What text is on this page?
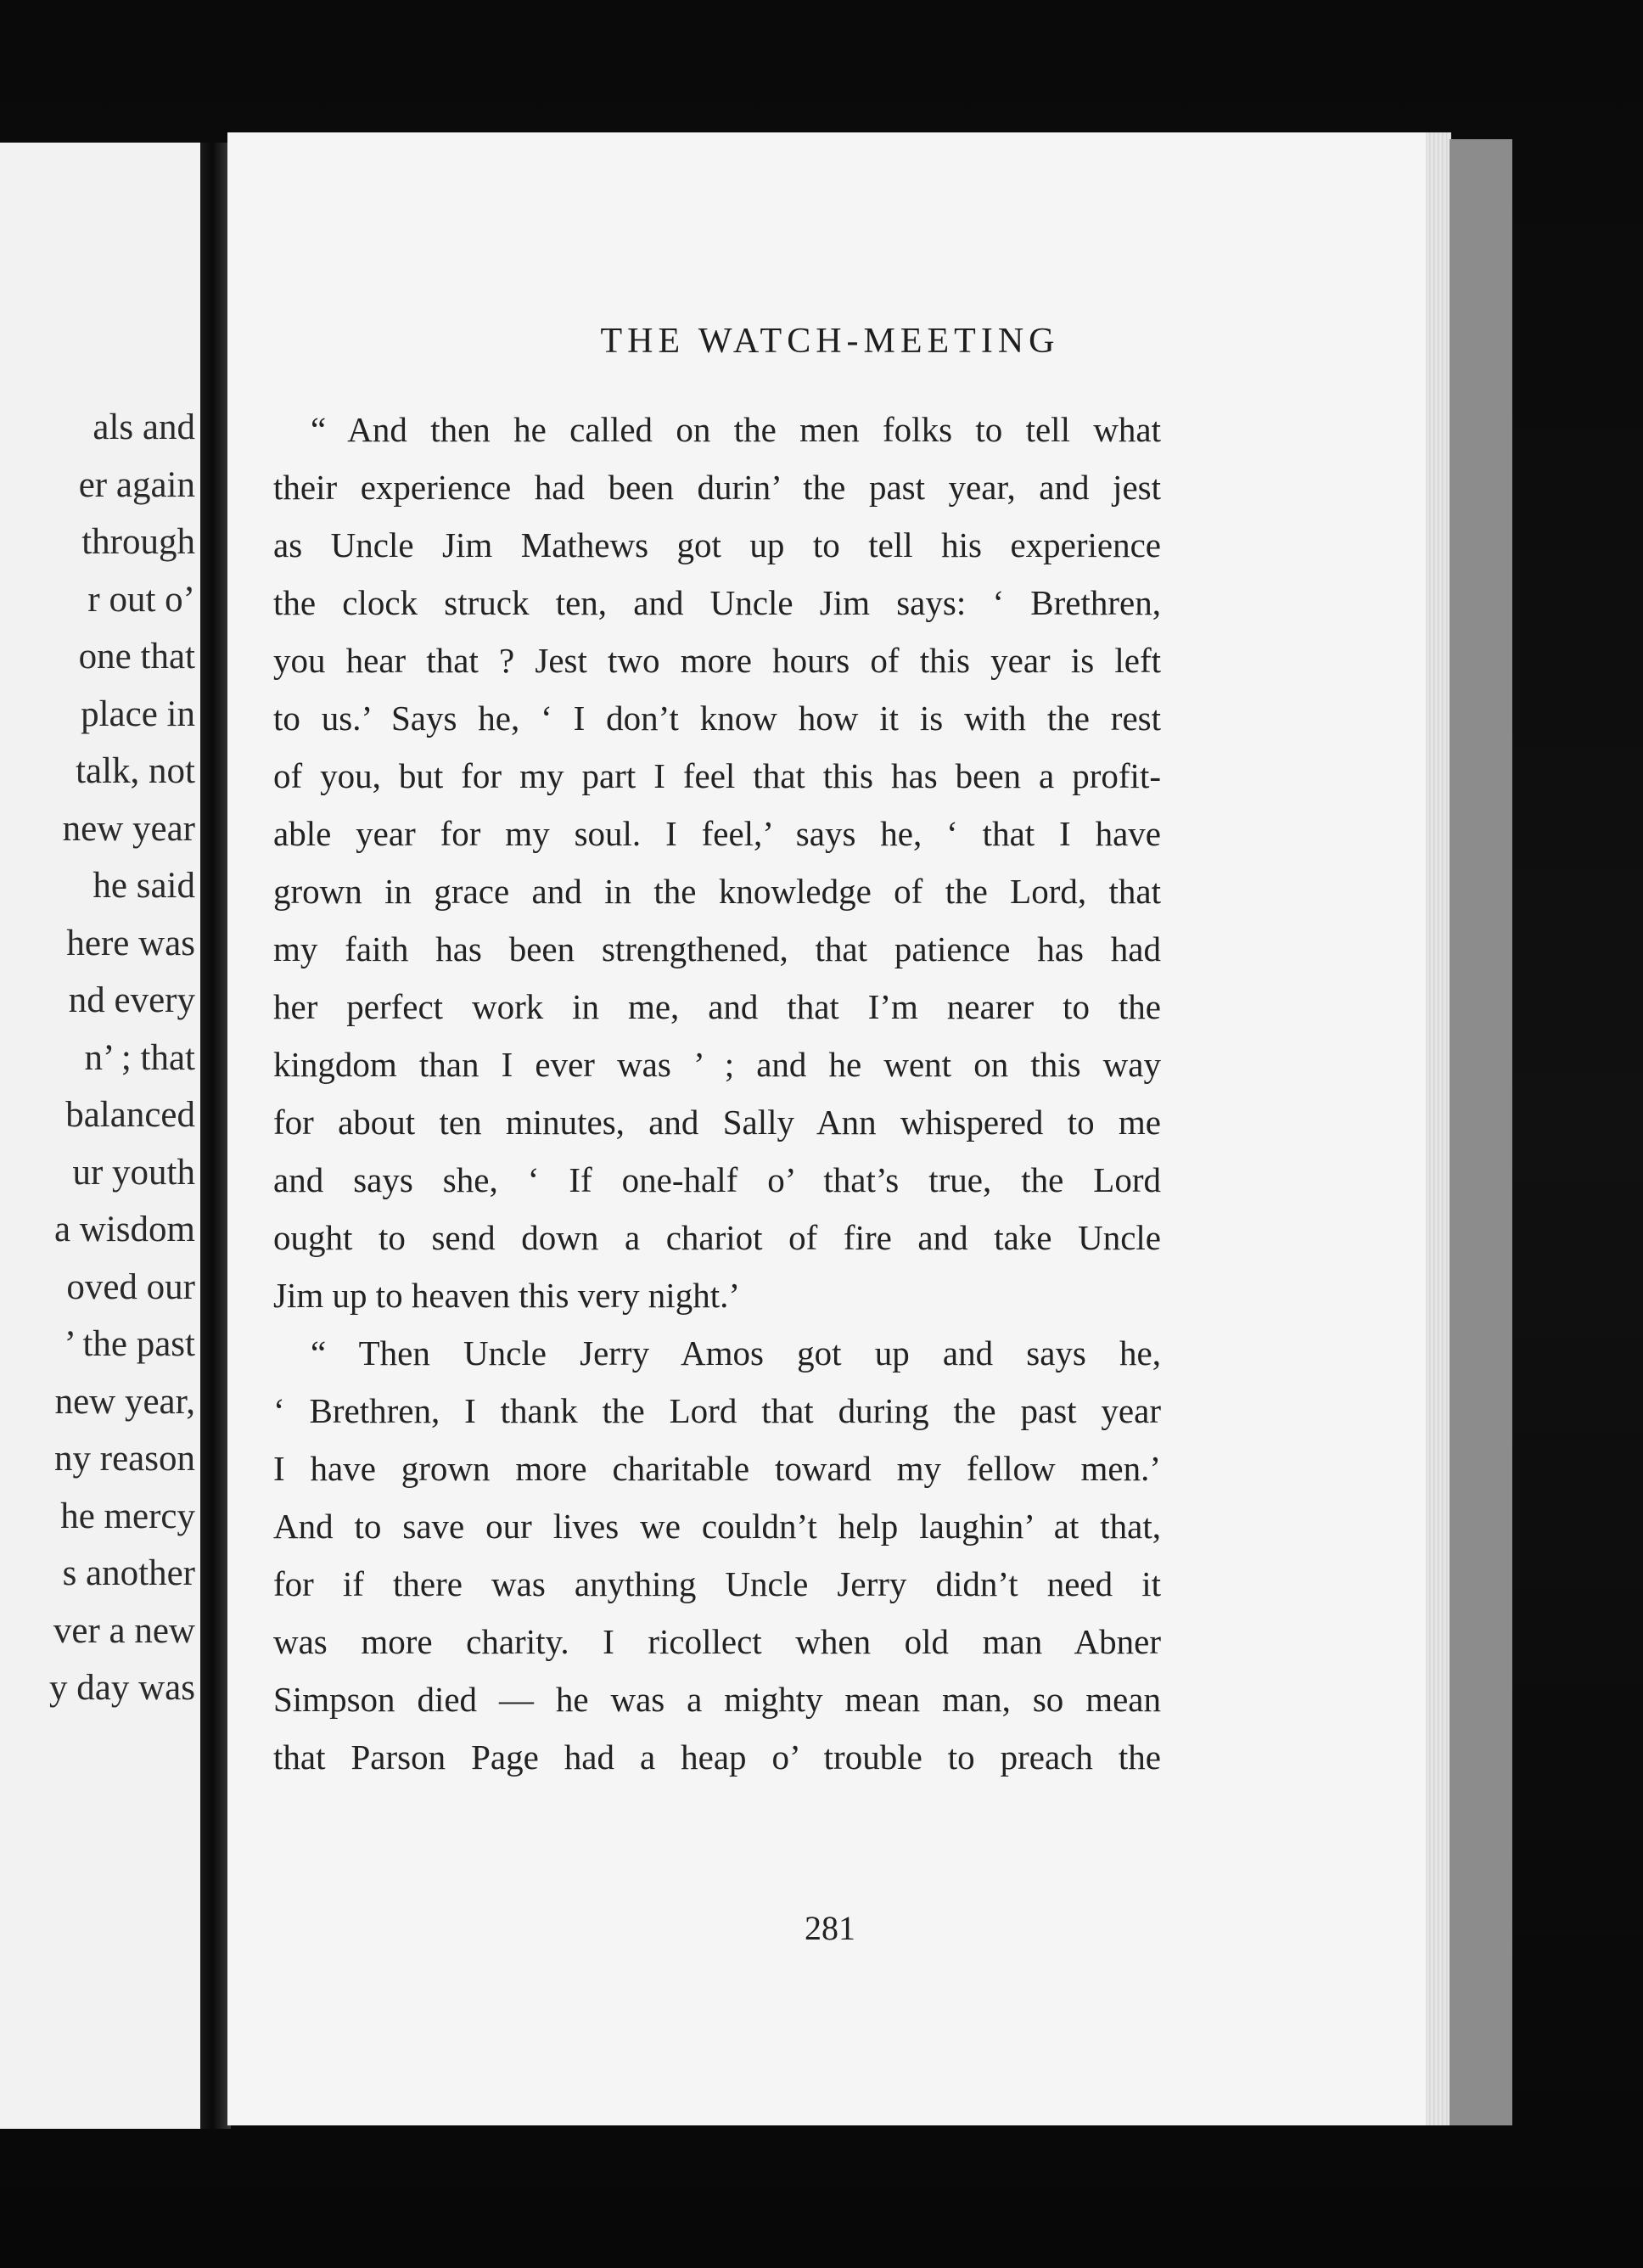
als and
er again
through
r out o’
one that
place in
talk, not
new year
he said
here was
nd every
n’ ; that
balanced
ur youth
a wisdom
oved our
’ the past
new year,
ny reason
he mercy
s another
ver a new
y day was
THE WATCH-MEETING
“ And then he called on the men folks to tell what
their experience had been durin’ the past year, and jest
as Uncle Jim Mathews got up to tell his experience
the clock struck ten, and Uncle Jim says: ‘ Brethren,
you hear that ? Jest two more hours of this year is left
to us.’ Says he, ‘ I don’t know how it is with the rest
of you, but for my part I feel that this has been a profit-
able year for my soul. I feel,’ says he, ‘ that I have
grown in grace and in the knowledge of the Lord, that
my faith has been strengthened, that patience has had
her perfect work in me, and that I’m nearer to the
kingdom than I ever was ’ ; and he went on this way
for about ten minutes, and Sally Ann whispered to me
and says she, ‘ If one-half o’ that’s true, the Lord
ought to send down a chariot of fire and take Uncle
Jim up to heaven this very night.’
“ Then Uncle Jerry Amos got up and says he,
‘ Brethren, I thank the Lord that during the past year
I have grown more charitable toward my fellow men.’
And to save our lives we couldn’t help laughin’ at that,
for if there was anything Uncle Jerry didn’t need it
was more charity. I ricollect when old man Abner
Simpson died — he was a mighty mean man, so mean
that Parson Page had a heap o’ trouble to preach the
281
